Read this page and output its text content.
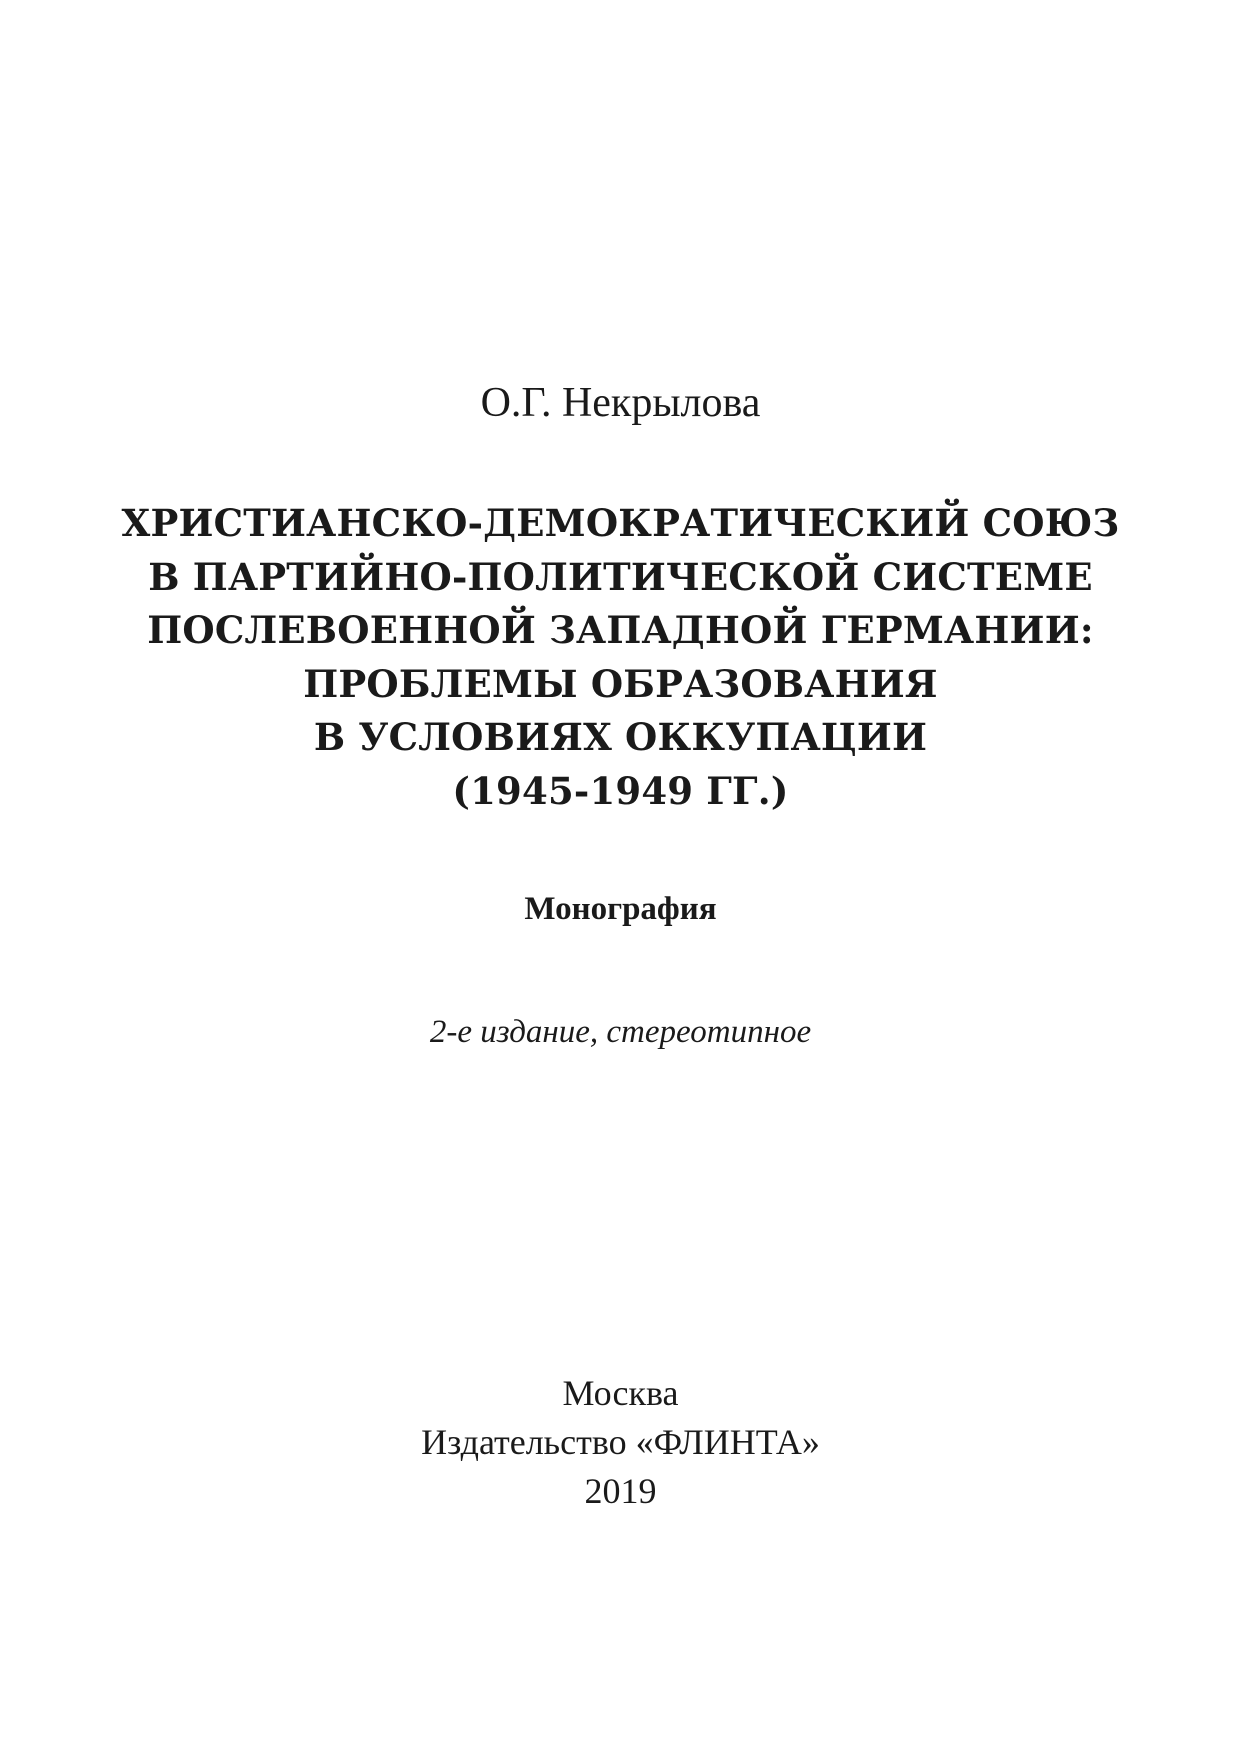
О.Г. Некрылова
ХРИСТИАНСКО-ДЕМОКРАТИЧЕСКИЙ СОЮЗ
В ПАРТИЙНО-ПОЛИТИЧЕСКОЙ СИСТЕМЕ
ПОСЛЕВОЕННОЙ ЗАПАДНОЙ ГЕРМАНИИ:
ПРОБЛЕМЫ ОБРАЗОВАНИЯ
В УСЛОВИЯХ ОККУПАЦИИ
(1945-1949 ГГ.)
Монография
2-е издание, стереотипное
Москва
Издательство «ФЛИНТА»
2019
